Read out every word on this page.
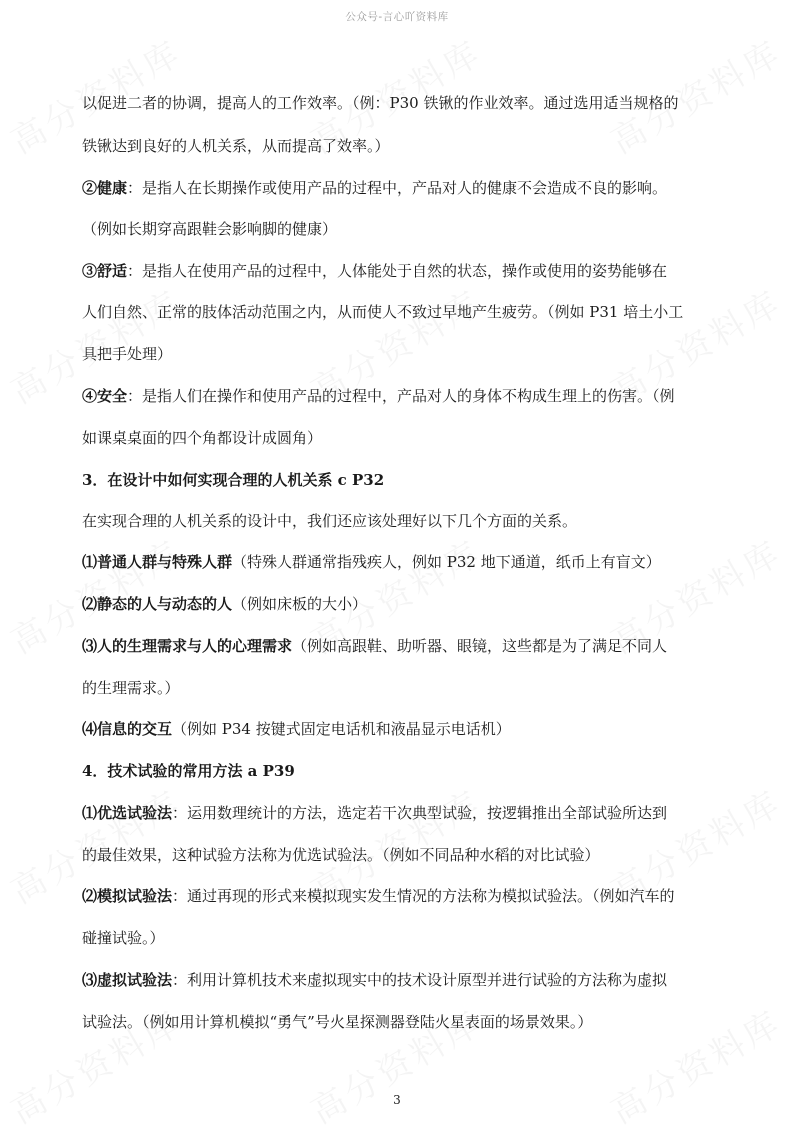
公众号-言心吖资料库
以促进二者的协调，提高人的工作效率。（例：P30 铁锹的作业效率。通过选用适当规格的
铁锹达到良好的人机关系，从而提高了效率。）
②健康：是指人在长期操作或使用产品的过程中，产品对人的健康不会造成不良的影响。
（例如长期穿高跟鞋会影响脚的健康）
③舒适：是指人在使用产品的过程中，人体能处于自然的状态，操作或使用的姿势能够在
人们自然、正常的肢体活动范围之内，从而使人不致过早地产生疲劳。（例如 P31 培土小工
具把手处理）
④安全：是指人们在操作和使用产品的过程中，产品对人的身体不构成生理上的伤害。（例
如课桌桌面的四个角都设计成圆角）
3．在设计中如何实现合理的人机关系 c P32
在实现合理的人机关系的设计中，我们还应该处理好以下几个方面的关系。
⑴普通人群与特殊人群（特殊人群通常指残疾人，例如 P32 地下通道，纸币上有盲文）
⑵静态的人与动态的人（例如床板的大小）
⑶人的生理需求与人的心理需求（例如高跟鞋、助听器、眼镜，这些都是为了满足不同人
的生理需求。）
⑷信息的交互（例如 P34 按键式固定电话机和液晶显示电话机）
4．技术试验的常用方法 a P39
⑴优选试验法：运用数理统计的方法，选定若干次典型试验，按逻辑推出全部试验所达到
的最佳效果，这种试验方法称为优选试验法。（例如不同品种水稻的对比试验）
⑵模拟试验法：通过再现的形式来模拟现实发生情况的方法称为模拟试验法。（例如汽车的
碰撞试验。）
⑶虚拟试验法：利用计算机技术来虚拟现实中的技术设计原型并进行试验的方法称为虚拟
试验法。（例如用计算机模拟“勇气”号火星探测器登陆火星表面的场景效果。）
3
